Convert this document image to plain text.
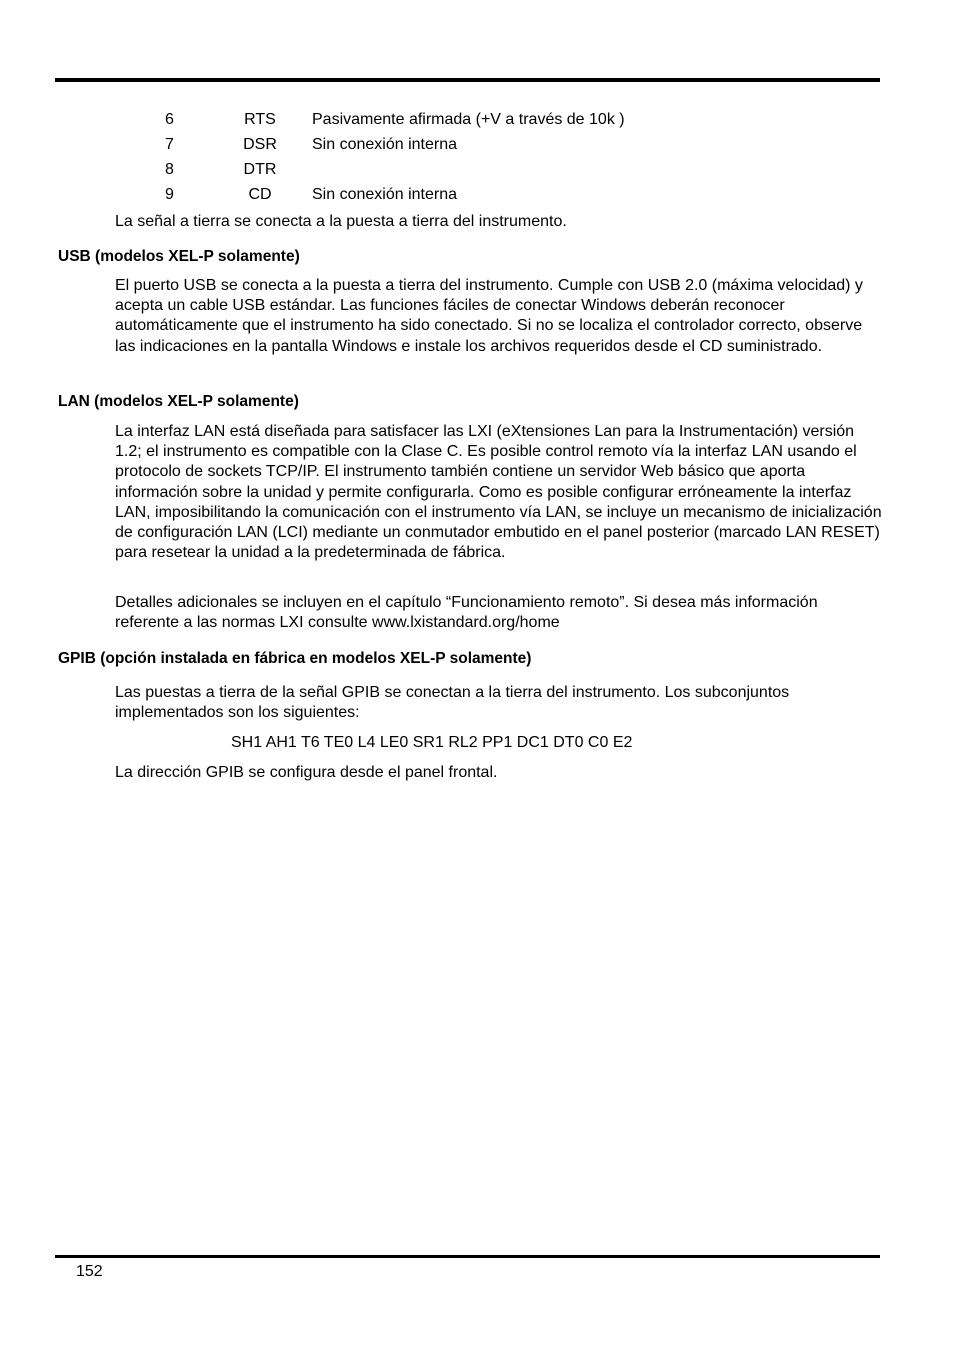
6	RTS	Pasivamente afirmada (+V a través de 10k )
7	DSR	Sin conexión interna
8	DTR
9	CD	Sin conexión interna

La señal a tierra se conecta a la puesta a tierra del instrumento.

USB (modelos XEL-P solamente)

El puerto USB se conecta a la puesta a tierra del instrumento. Cumple con USB 2.0 (máxima velocidad) y acepta un cable USB estándar. Las funciones fáciles de conectar Windows deberán reconocer automáticamente que el instrumento ha sido conectado. Si no se localiza el controlador correcto, observe las indicaciones en la pantalla Windows e instale los archivos requeridos desde el CD suministrado.

LAN (modelos XEL-P solamente)

La interfaz LAN está diseñada para satisfacer las LXI (eXtensiones Lan para la Instrumentación) versión 1.2; el instrumento es compatible con la Clase C. Es posible control remoto vía la interfaz LAN usando el protocolo de sockets TCP/IP. El instrumento también contiene un servidor Web básico que aporta información sobre la unidad y permite configurarla. Como es posible configurar erróneamente la interfaz LAN, imposibilitando la comunicación con el instrumento vía LAN, se incluye un mecanismo de inicialización de configuración LAN (LCI) mediante un conmutador embutido en el panel posterior (marcado LAN RESET) para resetear la unidad a la predeterminada de fábrica.

Detalles adicionales se incluyen en el capítulo “Funcionamiento remoto”. Si desea más información referente a las normas LXI consulte www.lxistandard.org/home

GPIB (opción instalada en fábrica en modelos XEL-P solamente)

Las puestas a tierra de la señal GPIB se conectan a la tierra del instrumento. Los subconjuntos implementados son los siguientes:

SH1 AH1 T6 TE0 L4 LE0 SR1 RL2 PP1 DC1 DT0 C0 E2

La dirección GPIB se configura desde el panel frontal.

152
